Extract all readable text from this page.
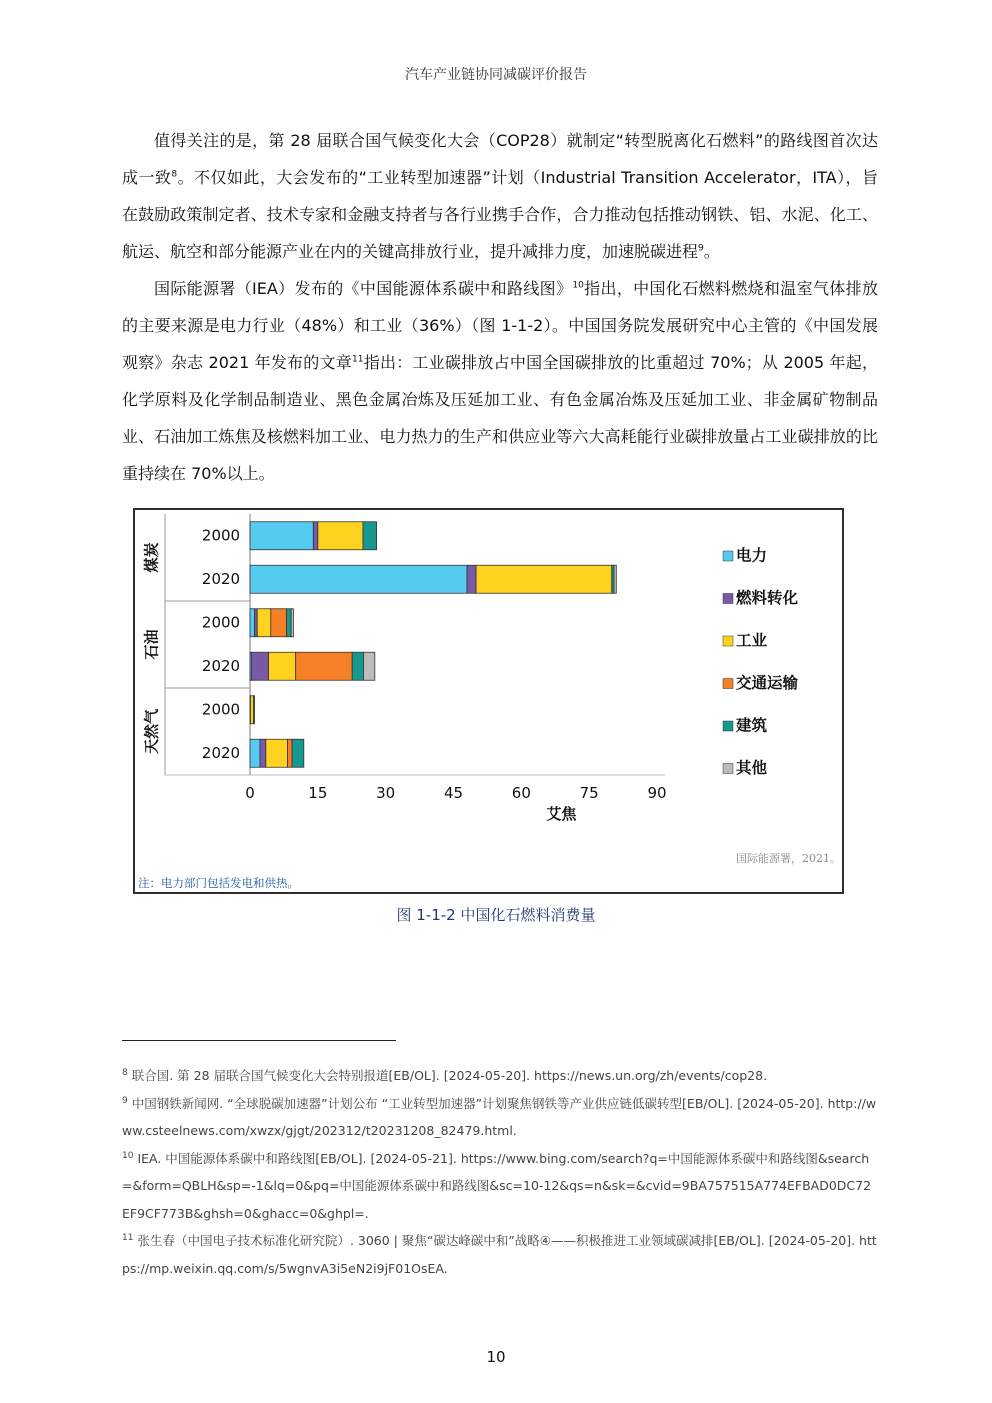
汽车产业链协同减碳评价报告

值得关注的是，第 28 届联合国气候变化大会（COP28）就制定“转型脱离化石燃料”的路线图首次达成一致$^8$。不仅如此，大会发布的“工业转型加速器”计划（Industrial Transition Accelerator，ITA），旨在鼓励政策制定者、技术专家和金融支持者与各行业携手合作，合力推动包括推动钢铁、铝、水泥、化工、航运、航空和部分能源产业在内的关键高排放行业，提升减排力度，加速脱碳进程$^9$。

国际能源署（IEA）发布的《中国能源体系碳中和路线图》$^{10}$指出，中国化石燃料燃烧和温室气体排放的主要来源是电力行业（48%）和工业（36%）（图 1-1-2）。中国国务院发展研究中心主管的《中国发展观察》杂志 2021 年发布的文章$^{11}$指出：工业碳排放占中国全国碳排放的比重超过 70%；从 2005 年起，化学原料及化学制品制造业、黑色金属冶炼及压延加工业、有色金属冶炼及压延加工业、非金属矿物制品业、石油加工炼焦及核燃料加工业、电力热力的生产和供应业等六大高耗能行业碳排放量占工业碳排放的比重持续在 70%以上。

煤炭
石油
天然气
2000
2020
2000
2020
2000
2020
0	15	30	45	60	75	90
艾焦
电力
燃料转化
工业
交通运输
建筑
其他
国际能源署，2021。
注：电力部门包括发电和供热。
图 1-1-2 中国化石燃料消费量

$^8$ 联合国. 第 28 届联合国气候变化大会特别报道[EB/OL]. [2024-05-20]. https://news.un.org/zh/events/cop28.

$^9$ 中国钢铁新闻网. “全球脱碳加速器”计划公布 “工业转型加速器”计划聚焦钢铁等产业供应链低碳转型[EB/OL]. [2024-05-20]. http://www.csteelnews.com/xwzx/gjgt/202312/t20231208_82479.html.

$^{10}$ IEA. 中国能源体系碳中和路线图[EB/OL]. [2024-05-21]. https://www.bing.com/search?q=中国能源体系碳中和路线图&search=&form=QBLH&sp=-1&lq=0&pq=中国能源体系碳中和路线图&sc=10-12&qs=n&sk=&cvid=9BA757515A774EFBAD0DC72EF9CF773B&ghsh=0&ghacc=0&ghpl=.

$^{11}$ 张生春（中国电子技术标准化研究院）. 3060 | 聚焦“碳达峰碳中和”战略④——积极推进工业领域碳减排[EB/OL]. [2024-05-20]. https://mp.weixin.qq.com/s/5wgnvA3i5eN2i9jF01OsEA.

10
